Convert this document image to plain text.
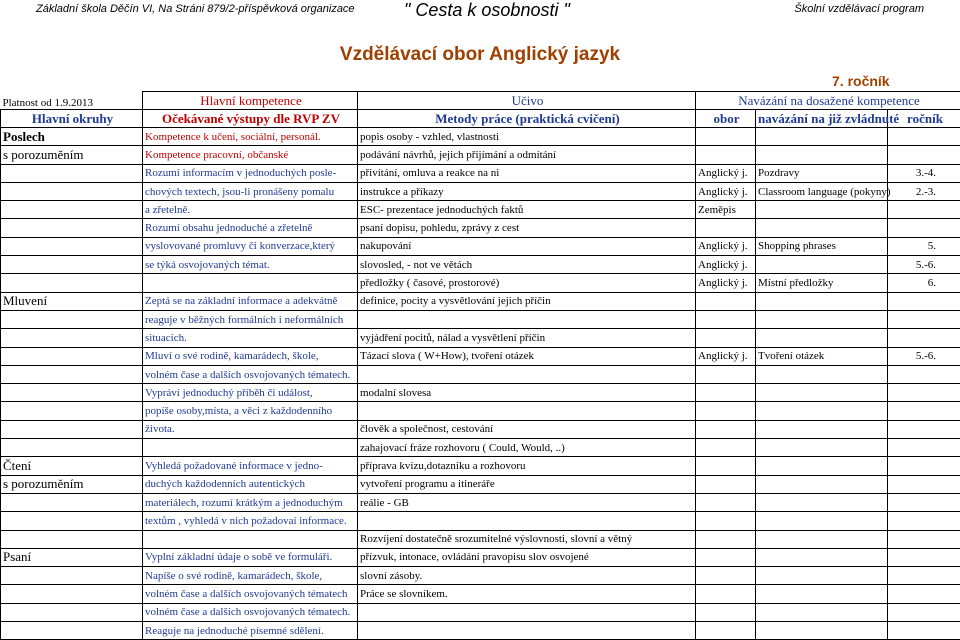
Základní škola Děčín VI, Na Stráni 879/2-příspěvková organizace	" Cesta k osobnosti "	Školní vzdělávací program
Vzdělávací obor Anglický jazyk
7. ročník
Platnost od 1.9.2013	Hlavní kompetence	Učivo	Navázání na dosažené kompetence		
Hlavní okruhy	Očekávané výstupy dle RVP ZV	Metody práce (praktická cvičení)	obor	navázání na již zvládnuté	ročník
Poslech	Kompetence k učení, sociální, personál.	popis osoby - vzhled, vlastnosti			
s porozuměním	Kompetence pracovní, občanské	podávání návrhů, jejich přijímání a odmítání			
	Rozumí informacím v jednoduchých posle-	přivítání, omluva a reakce na ni	Anglický j.	Pozdravy	3.-4.
	chových textech, jsou-li pronášeny pomalu	instrukce a příkazy	Anglický j.	Classroom language (pokyny)	2.-3.
	a zřetelně.	ESC- prezentace jednoduchých faktů	Zeměpis		
	Rozumí obsahu jednoduché a zřetelně	psaní dopisu, pohledu, zprávy z cest			
	vyslovované promluvy či konverzace,který	nakupování	Anglický j.	Shopping phrases	5.
	se týká osvojovaných témat.	slovosled, - not ve větách	Anglický j.		5.-6.
		předložky ( časové, prostorové)	Anglický j.	Místní předložky	6.
Mluvení	Zeptá se na základní informace a adekvátně	definice, pocity a vysvětlování jejich příčin			
	reaguje v běžných formálních i neformálních				
	situacích.	vyjádření pocitů, nálad a vysvětlení příčin			
	Mluví o své rodině, kamarádech, škole,	Tázací slova ( W+How), tvoření otázek	Anglický j.	Tvoření otázek	5.-6.
	volném čase a dalších osvojovaných tématech.				
	Vypráví jednoduchý příběh či událost,	modalní slovesa			
	popíše osoby,místa, a věci z každodenního				
	života.	člověk a společnost, cestování			
		zahajovací fráze rozhovoru ( Could, Would, ..)			
Čtení	Vyhledá požadované informace v jedno-	příprava kvízu,dotazníku a rozhovoru			
s porozuměním	duchých každodenních autentických	vytvoření programu a itineráře			
	materiálech, rozumí krátkým a jednoduchým	reálie - GB			
	textům , vyhledá v nich požadovaí informace.				
		Rozvíjení dostatečně srozumitelné výslovnosti, slovní a větný			
Psaní	Vyplní základní údaje o sobě ve formuláři.	přízvuk, intonace, ovládání pravopisu slov osvojené			
	Napíše o své rodině, kamarádech, škole,	slovní zásoby.			
	volném čase a dalších osvojovaných tématech	Práce se slovníkem.			
	volném čase a dalších osvojovaných tématech.				
	Reaguje na jednoduché písemné sdělení.				
